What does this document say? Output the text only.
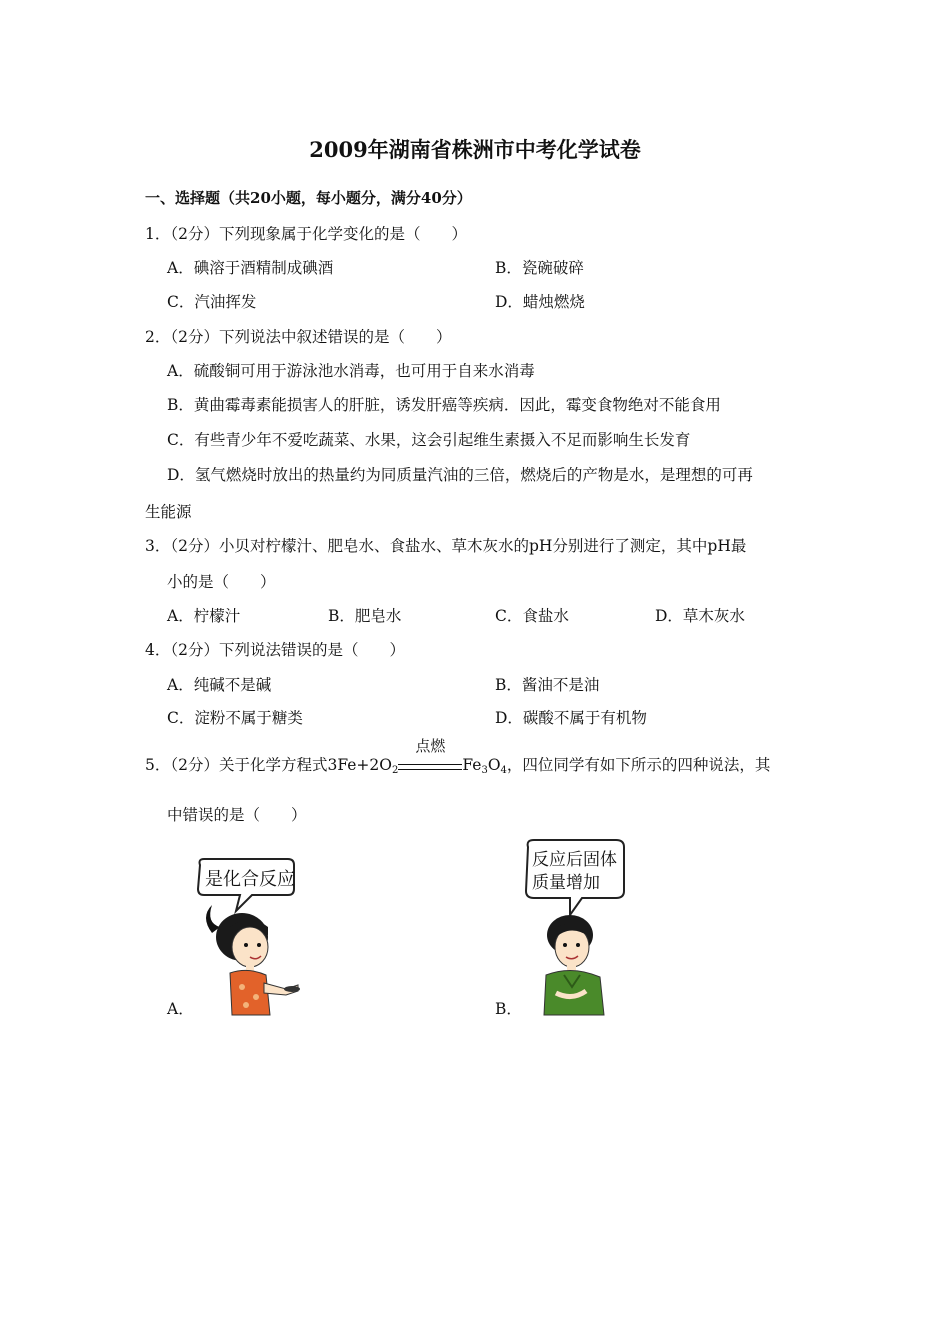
2009年湖南省株洲市中考化学试卷
一、选择题（共20小题，每小题分，满分40分）
1．（2分）下列现象属于化学变化的是（　　）
A．碘溶于酒精制成碘酒	B．瓷碗破碎
C．汽油挥发	D．蜡烛燃烧
2．（2分）下列说法中叙述错误的是（　　）
A．硫酸铜可用于游泳池水消毒，也可用于自来水消毒
B．黄曲霉毒素能损害人的肝脏，诱发肝癌等疾病．因此，霉变食物绝对不能食用
C．有些青少年不爱吃蔬菜、水果，这会引起维生素摄入不足而影响生长发育
D．氢气燃烧时放出的热量约为同质量汽油的三倍，燃烧后的产物是水，是理想的可再
生能源
3．（2分）小贝对柠檬汁、肥皂水、食盐水、草木灰水的pH分别进行了测定，其中pH最
小的是（　　）
A．柠檬汁	B．肥皂水	C．食盐水	D．草木灰水
4．（2分）下列说法错误的是（　　）
A．纯碱不是碱	B．酱油不是油
C．淀粉不属于糖类	D．碳酸不属于有机物
5．（2分）关于化学方程式$3Fe+2O_2$
点燃
$Fe_3O_4$，四位同学有如下所示的四种说法，其
中错误的是（　　）
A．	B．
是化合反应
反应后固体
质量增加
